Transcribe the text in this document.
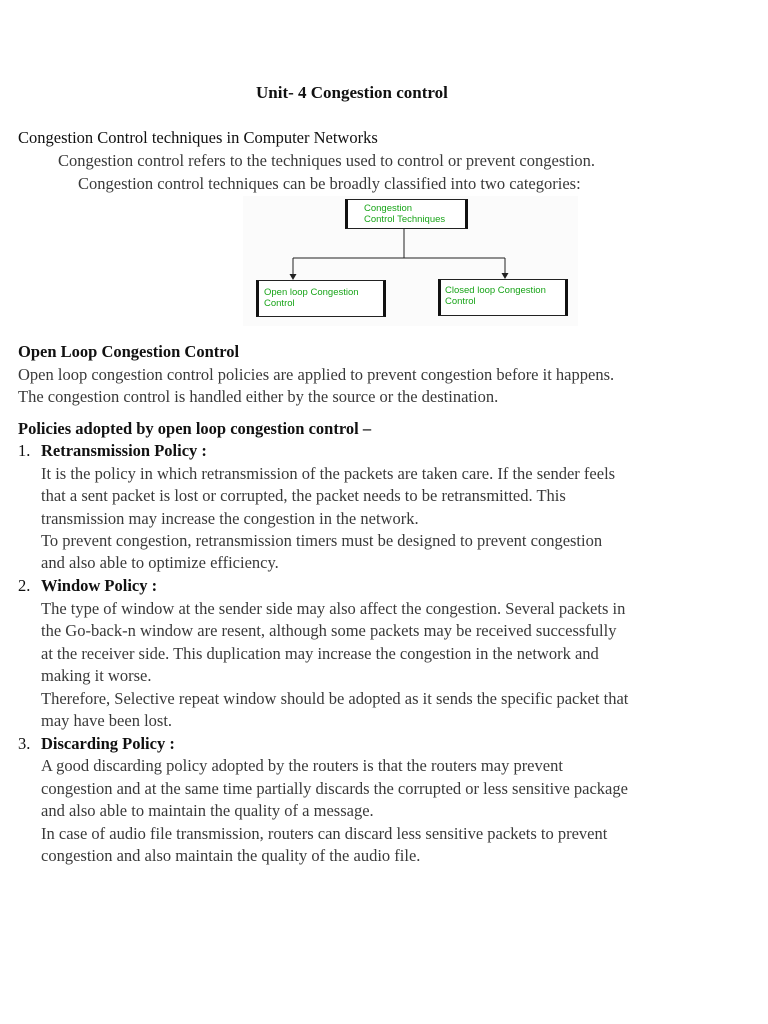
Unit- 4 Congestion control
Congestion Control techniques in Computer Networks
Congestion control refers to the techniques used to control or prevent congestion.
Congestion control techniques can be broadly classified into two categories:
Congestion
Control Techniques
Open loop Congestion
Control
Closed loop Congestion
Control
Open Loop Congestion Control
Open loop congestion control policies are applied to prevent congestion before it happens.
The congestion control is handled either by the source or the destination.
Policies adopted by open loop congestion control –
1. Retransmission Policy :
It is the policy in which retransmission of the packets are taken care. If the sender feels
that a sent packet is lost or corrupted, the packet needs to be retransmitted. This
transmission may increase the congestion in the network.
To prevent congestion, retransmission timers must be designed to prevent congestion
and also able to optimize efficiency.
2. Window Policy :
The type of window at the sender side may also affect the congestion. Several packets in
the Go-back-n window are resent, although some packets may be received successfully
at the receiver side. This duplication may increase the congestion in the network and
making it worse.
Therefore, Selective repeat window should be adopted as it sends the specific packet that
may have been lost.
3. Discarding Policy :
A good discarding policy adopted by the routers is that the routers may prevent
congestion and at the same time partially discards the corrupted or less sensitive package
and also able to maintain the quality of a message.
In case of audio file transmission, routers can discard less sensitive packets to prevent
congestion and also maintain the quality of the audio file.
